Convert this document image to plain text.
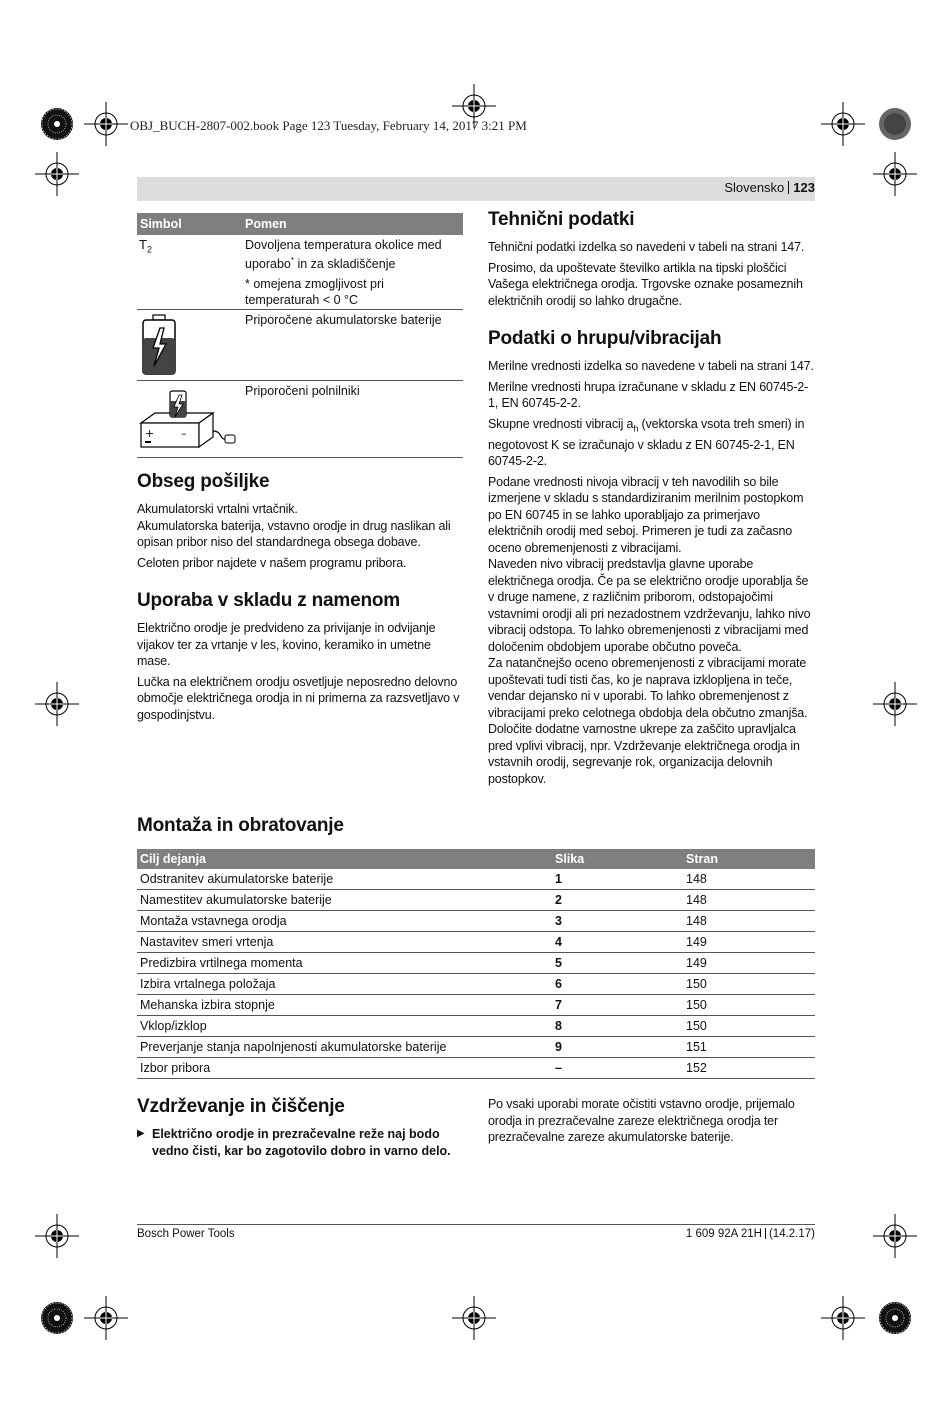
OBJ_BUCH-2807-002.book Page 123 Tuesday, February 14, 2017 3:21 PM
Slovensko 123
Simbol	Pomen
$T_2$	Dovoljena temperatura okolice med uporabo* in za skladiščenje

* omejena zmogljivost pri temperaturah < 0 °C

Priporočene akumulatorske baterije
+ –
Priporočeni polnilniki
Obseg pošiljke

Akumulatorski vrtalni vrtačnik.

Akumulatorska baterija, vstavno orodje in drug naslikan ali opisan pribor niso del standardnega obsega dobave.

Celoten pribor najdete v našem programu pribora.

Uporaba v skladu z namenom

Električno orodje je predvideno za privijanje in odvijanje vijakov ter za vrtanje v les, kovino, keramiko in umetne mase.

Lučka na električnem orodju osvetljuje neposredno delovno območje električnega orodja in ni primerna za razsvetljavo v gospodinjstvu.

Tehnični podatki

Tehnični podatki izdelka so navedeni v tabeli na strani 147.

Prosimo, da upoštevate številko artikla na tipski ploščici Vašega električnega orodja. Trgovske oznake posameznih električnih orodij so lahko drugačne.

Podatki o hrupu/vibracijah

Merilne vrednosti izdelka so navedene v tabeli na strani 147.

Merilne vrednosti hrupa izračunane v skladu z EN 60745-2-1, EN 60745-2-2.

Skupne vrednosti vibracij $a_h$ (vektorska vsota treh smeri) in negotovost K se izračunajo v skladu z EN 60745-2-1, EN 60745-2-2.

Podane vrednosti nivoja vibracij v teh navodilih so bile izmerjene v skladu s standardiziranim merilnim postopkom po EN 60745 in se lahko uporabljajo za primerjavo električnih orodij med seboj. Primeren je tudi za začasno oceno obremenjenosti z vibracijami.

Naveden nivo vibracij predstavlja glavne uporabe električnega orodja. Če pa se električno orodje uporablja še v druge namene, z različnim priborom, odstopajočimi vstavnimi orodji ali pri nezadostnem vzdrževanju, lahko nivo vibracij odstopa. To lahko obremenjenosti z vibracijami med določenim obdobjem uporabe občutno poveča.

Za natančnejšo oceno obremenjenosti z vibracijami morate upoštevati tudi tisti čas, ko je naprava izklopljena in teče, vendar dejansko ni v uporabi. To lahko obremenjenost z vibracijami preko celotnega obdobja dela občutno zmanjša.

Določite dodatne varnostne ukrepe za zaščito upravljalca pred vplivi vibracij, npr. Vzdrževanje električnega orodja in vstavnih orodij, segrevanje rok, organizacija delovnih postopkov.

Montaža in obratovanje
Cilj dejanja	Slika	Stran
Odstranitev akumulatorske baterije	1	148
Namestitev akumulatorske baterije	2	148
Montaža vstavnega orodja	3	148
Nastavitev smeri vrtenja	4	149
Predizbira vrtilnega momenta	5	149
Izbira vrtalnega položaja	6	150
Mehanska izbira stopnje	7	150
Vklop/izklop	8	150
Preverjanje stanja napolnjenosti akumulatorske baterije	9	151
Izbor pribora	–	152
Vzdrževanje in čiščenje
▶ Električno orodje in prezračevalne reže naj bodo vedno čisti, kar bo zagotovilo dobro in varno delo.

Po vsaki uporabi morate očistiti vstavno orodje, prijemalo orodja in prezračevalne zareze električnega orodja ter prezračevalne zareze akumulatorske baterije.

Bosch Power Tools	1 609 92A 21H (14.2.17)
